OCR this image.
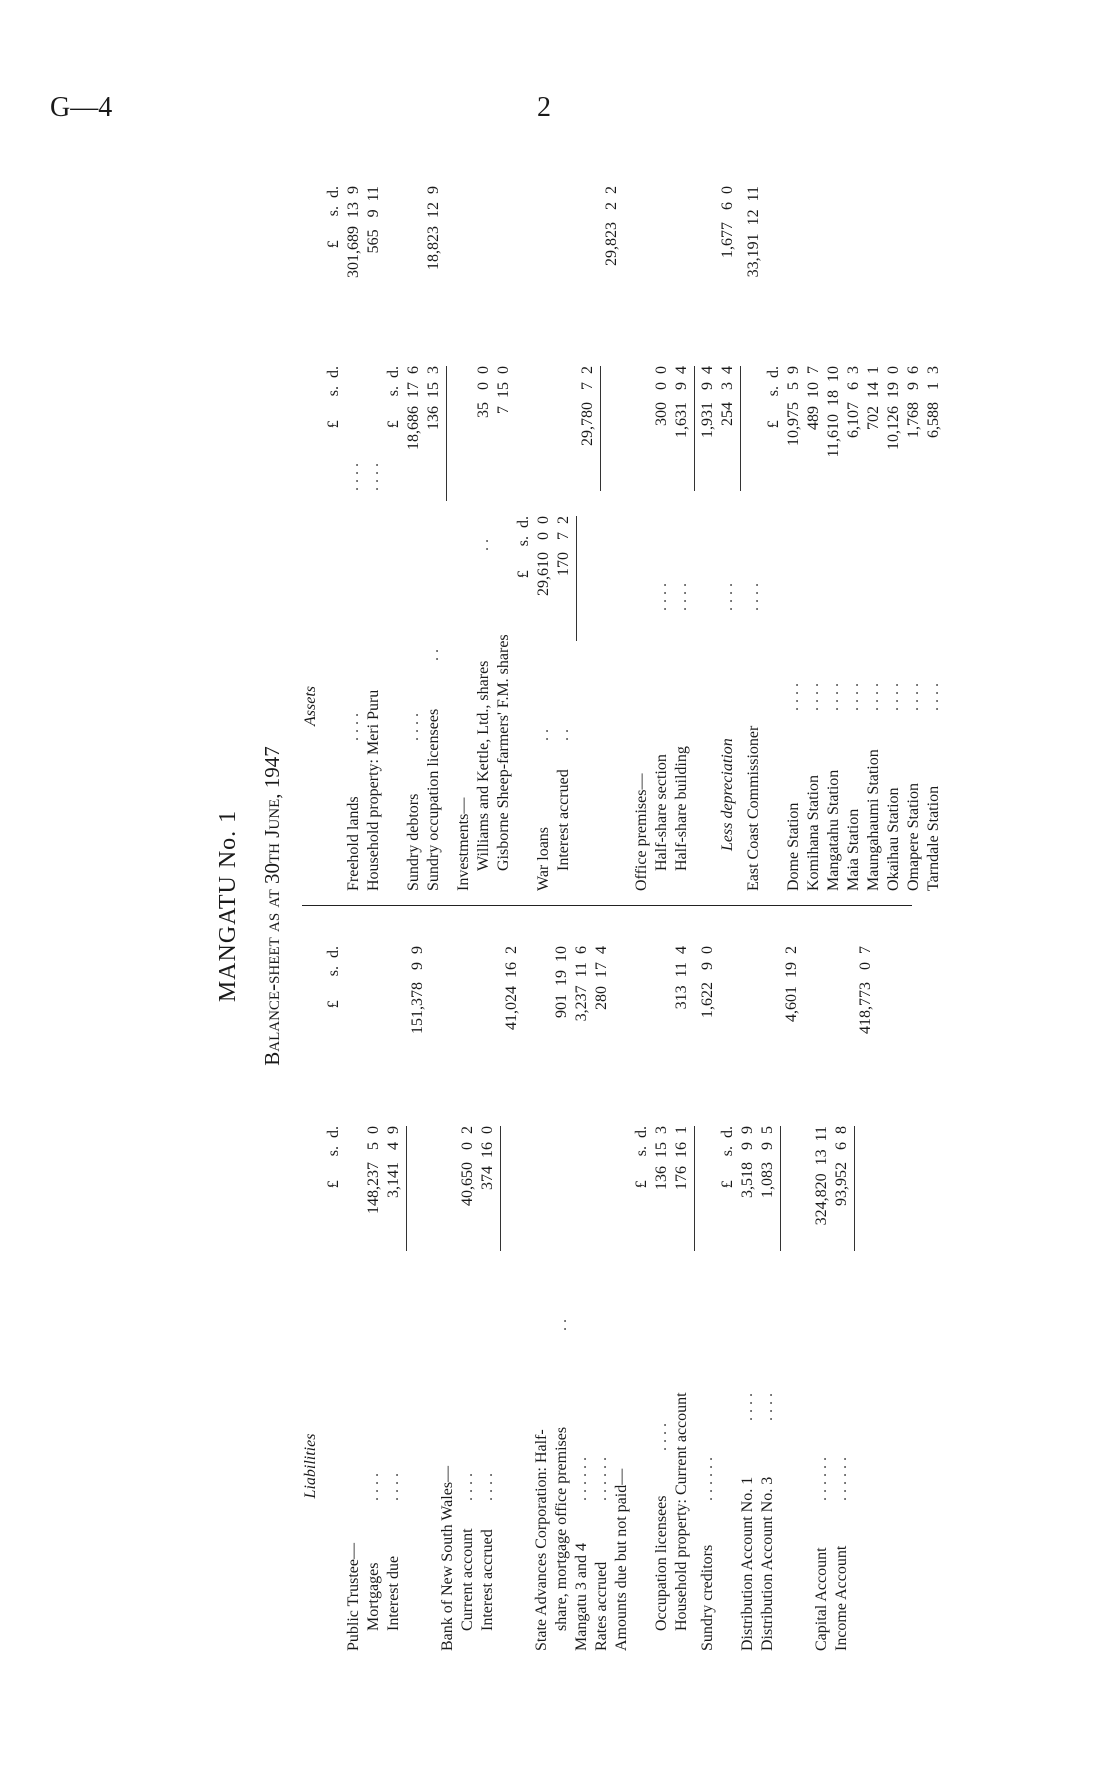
G—4	2
MANGATU No. 1 Balance-sheet as at 30th June, 1947
Liabilities
£      s.  d.
£      s.  d.
Public Trustee— Mortgages
. . . .
148,237   5  0
Interest due
. . . .
3,141   4  9
151,378   9  9
Bank of New South Wales— Current account
. . . .
40,650   0  2
Interest accrued
. . . .
374  16  0
41,024  16  2
State Advances Corporation: Half- share, mortgage office premises
. .
901  19  10
Mangatu 3 and 4
. . . . . .
3,237  11  6
Rates accrued
. . . . . .
280  17  4
Amounts due but not paid—
£      s.  d.
Occupation licensees
. . . .
136  15  3
Household property: Current account
176  16  1
313  11  4
Sundry creditors
. . . . . .
1,622   9  0
£      s.  d.
Distribution Account No. 1
. . . .
3,518   9  9
Distribution Account No. 3
. . . .
1,083   9  5
4,601  19  2
Capital Account
. . . . . .
324,820  13  11
Income Account
. . . . . .
93,952   6  8
418,773   0  7
Assets
£      s.  d.
£      s.  d.
Freehold lands
. . . .
. . . .
301,689  13  9
Household property: Meri Puru
. . . .
565   9  11
£      s.  d.
Sundry debtors
. . . .
18,686  17  6
Sundry occupation licensees
. .
136  15  3
18,823  12  9
Investments— Williams and Kettle, Ltd., shares
. .
35   0  0
Gisborne Sheep-farmers' F.M. shares
7  15  0
£      s.  d.
War loans
. .
29,610   0  0
Interest accrued
. .
170   7  2
29,780   7  2
29,823   2  2
Office premises— Half-share section
. . . .
300   0  0
Half-share building
. . . .
1,631   9  4 1,931   9  4
Less depreciation
. . . .
254   3  4
1,677   6  0
East Coast Commissioner
. . . .
33,191  12  11
£      s.  d.
Dome Station
. . . .
10,975   5  9
Komihana Station
. . . .
489  10  7
Mangatahu Station
. . . .
11,610  18  10
Maia Station
. . . .
6,107   6  3
Maungahaumi Station
. . . .
702  14  1
Okaihau Station
. . . .
10,126  19  0
Omapere Station
. . . .
1,768   9  6
Tarndale Station
. . . .
6,588   1  3
